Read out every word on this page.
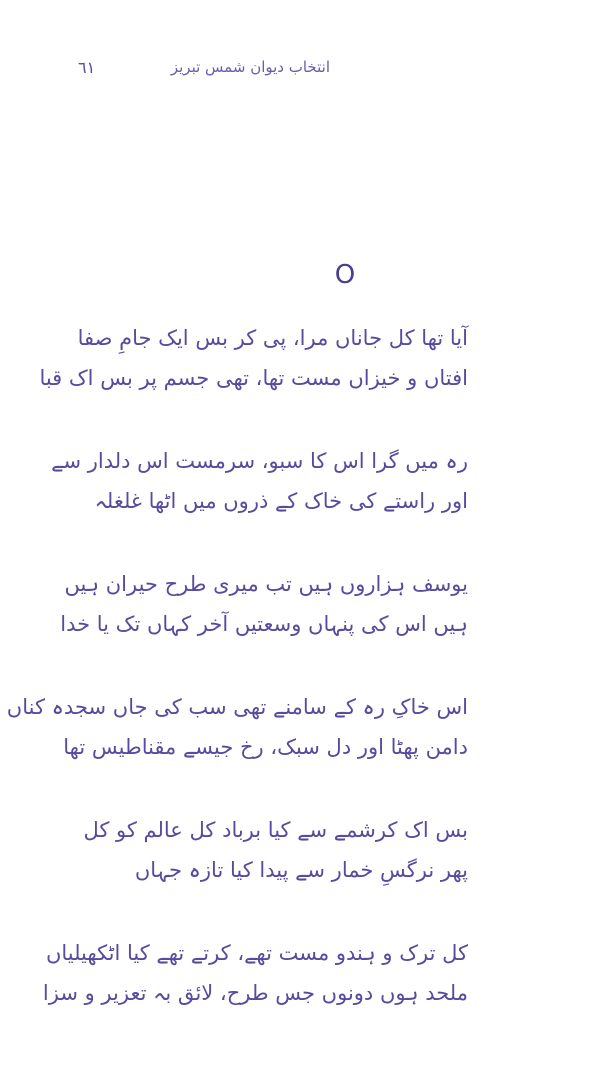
٦١	انتخاب دیوان شمس تبریز
O
آیا تھا کل جاناں مرا، پی کر بس ایک جامِ صفا
افتاں و خیزاں مست تھا، تھی جسم پر بس اک قبا
رہ میں گرا اس کا سبو، سرمست اس دلدار سے
اور راستے کی خاک کے ذروں میں اٹھا غلغلہ
یوسف ہزاروں ہیں تب میری طرح حیران ہیں
ہیں اس کی پنہاں وسعتیں آخر کہاں تک یا خدا
اس خاکِ رہ کے سامنے تھی سب کی جاں سجدہ کناں
دامن پھٹا اور دل سبک، رخ جیسے مقناطیس تھا
بس اک کرشمے سے کیا برباد کل عالم کو کل
پھر نرگسِ خمار سے پیدا کیا تازہ جہاں
کل ترک و ہندو مست تھے، کرتے تھے کیا اٹکھیلیاں
ملحد ہوں دونوں جس طرح، لائق بہ تعزیر و سزا
